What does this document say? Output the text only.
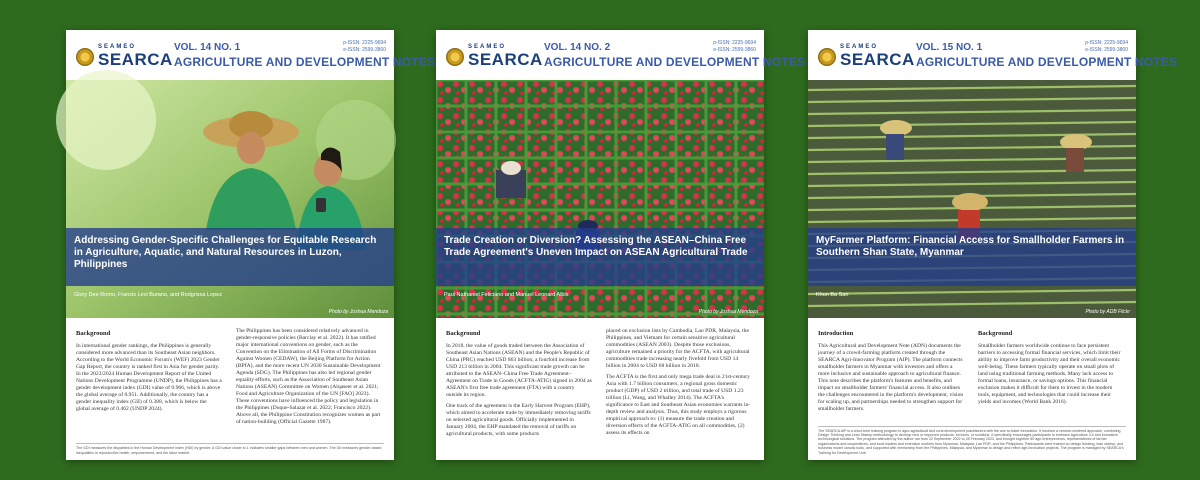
SEAMEO
SEARCA
VOL. 14 NO. 1
AGRICULTURE AND DEVELOPMENT NOTES
p-ISSN: 2225-9694
e-ISSN: 2599-3860
Addressing Gender-Specific Challenges for Equitable Research in Agriculture, Aquatic, and Natural Resources in Luzon, Philippines
Glory Dee Romo, Francis Levi Burano, and Rodgrissa Lopez
Photo by Joshua Mendoza
Background
In international gender rankings, the Philippines is generally considered more advanced than its Southeast Asian neighbors. According to the World Economic Forum's (WEF) 2023 Gender Gap Report, the country is ranked first in Asia for gender parity. In the 2023/2024 Human Development Report of the United Nations Development Programme (UNDP), the Philippines has a gender development index (GDI) value of 0.966, which is above the global average of 0.951. Additionally, the country has a gender inequality index (GII) of 0.388, which is below the global average of 0.462 (UNDP 2024).
The Philippines has been considered relatively advanced in gender-responsive policies (Barclay et al. 2022). It has ratified major international conventions on gender, such as the Convention on the Elimination of All Forms of Discrimination Against Women (CEDAW), the Beijing Platform for Action (BPfA), and the more recent UN 2030 Sustainable Development Agenda (SDG). The Philippines has also led regional gender equality efforts, such as the Association of Southeast Asian Nations (ASEAN) Committee on Women (Alqaseer et al. 2021; Food and Agriculture Organization of the UN [FAO] 2023). These conventions have influenced the policy and legislation in the Philippines (Duque-Salazar et al. 2022; Francisco 2022). Above all, the Philippine Constitution recognizes women as part of nation-building (Official Gazette 1987).
The GDI measures the disparities in the Human Development Index (HDI) by gender. A GDI value closer to 1 indicates smaller gaps between men and women. The GII measures gender-based inequalities in reproductive health, empowerment, and the labor market.
SEAMEO
SEARCA
VOL. 14 NO. 2
AGRICULTURE AND DEVELOPMENT NOTES
p-ISSN: 2225-9694
e-ISSN: 2599-3860
Trade Creation or Diversion? Assessing the ASEAN–China Free Trade Agreement's Uneven Impact on ASEAN Agricultural Trade
Paul Nathaniel Feliciano and Manuel Leonard Albis
Photo by Joshua Mendoza
Background
In 2018, the value of goods traded between the Association of Southeast Asian Nations (ASEAN) and the People's Republic of China (PRC) reached USD 863 billion, a fourfold increase from USD 213 billion in 2004. This significant trade growth can be attributed to the ASEAN–China Free Trade Agreement–Agreement on Trade in Goods (ACFTA-ATIG) signed in 2004 as ASEAN's first free trade agreement (FTA) with a country outside its region.
One track of the agreement is the Early Harvest Program (EHP), which aimed to accelerate trade by immediately removing tariffs on selected agricultural goods. Officially implemented in January 2004, the EHP mandated the removal of tariffs on agricultural products, with some products
placed on exclusion lists by Cambodia, Lao PDR, Malaysia, the Philippines, and Vietnam for certain sensitive agricultural commodities (ASEAN 2003). Despite those exclusions, agriculture remained a priority for the ACFTA, with agricultural commodities trade increasing nearly fivefold from USD 14 billion in 2004 to USD 68 billion in 2018.
The ACFTA is the first and only mega trade deal in 21st-century Asia with 1.7 billion consumers, a regional gross domestic product (GDP) of USD 2 trillion, and total trade of USD 1.23 trillion (Li, Wang, and Whalley 2014). The ACFTA's significance to East and Southeast Asian economies warrants in-depth review and analysis. Thus, this study employs a rigorous empirical approach to: (1) measure the trade creation and diversion effects of the ACFTA-ATIG on all commodities, (2) assess its effects on
SEAMEO
SEARCA
VOL. 15 NO. 1
AGRICULTURE AND DEVELOPMENT NOTES
p-ISSN: 2225-9694
e-ISSN: 2599-3860
MyFarmer Platform: Financial Access for Smallholder Farmers in Southern Shan State, Myanmar
Khun Ba San
Photo by ADB Flickr
Introduction
This Agricultural and Development Note (ADN) documents the journey of a crowd-farming platform created through the SEARCA Agri-Innovator Program (AIP). The platform connects smallholder farmers in Myanmar with investors and offers a more inclusive and sustainable approach to agricultural finance. This note describes the platform's features and benefits, and impact on smallholder farmers' financial access. It also outlines the challenges encountered in the platform's development, vision for scaling up, and partnerships needed to strengthen support for smallholder farmers.
Background
Smallholder farmers worldwide continue to face persistent barriers to accessing formal financial services, which limit their ability to improve farm productivity and their overall economic well-being. These farmers typically operate on small plots of land using traditional farming methods. Many lack access to formal loans, insurance, or savings options. This financial exclusion makes it difficult for them to invest in the modern tools, equipment, and technologies that could increase their yields and incomes (World Bank 2016).
The SEARCA AIP is a short-term training program in agro-agricultural and rural development practitioners with the aim to foster innovation. It involves a venture-centered approach, combining Design Thinking and Lean Startup methodology to develop new or improved products, services, or solutions. It specifically encourages participants to embrace Agriculture 4.0 and innovative technological solutions. The program attended by the author ran from 22 September 2022 to 28 February 2023, and brought together 50 agri-entrepreneurs, representatives of farmer organizations and cooperatives, and local leaders and extension workers from Myanmar, Malaysia, Lao PDR, and the Philippines. Participants were trained on design thinking, lean startup, and business model canvas tools, and supported with mentorship from the Philippines, Malaysia, and Myanmar to design and refine agri-innovation projects. The program is managed by SEARCA's Training for Development Unit.
